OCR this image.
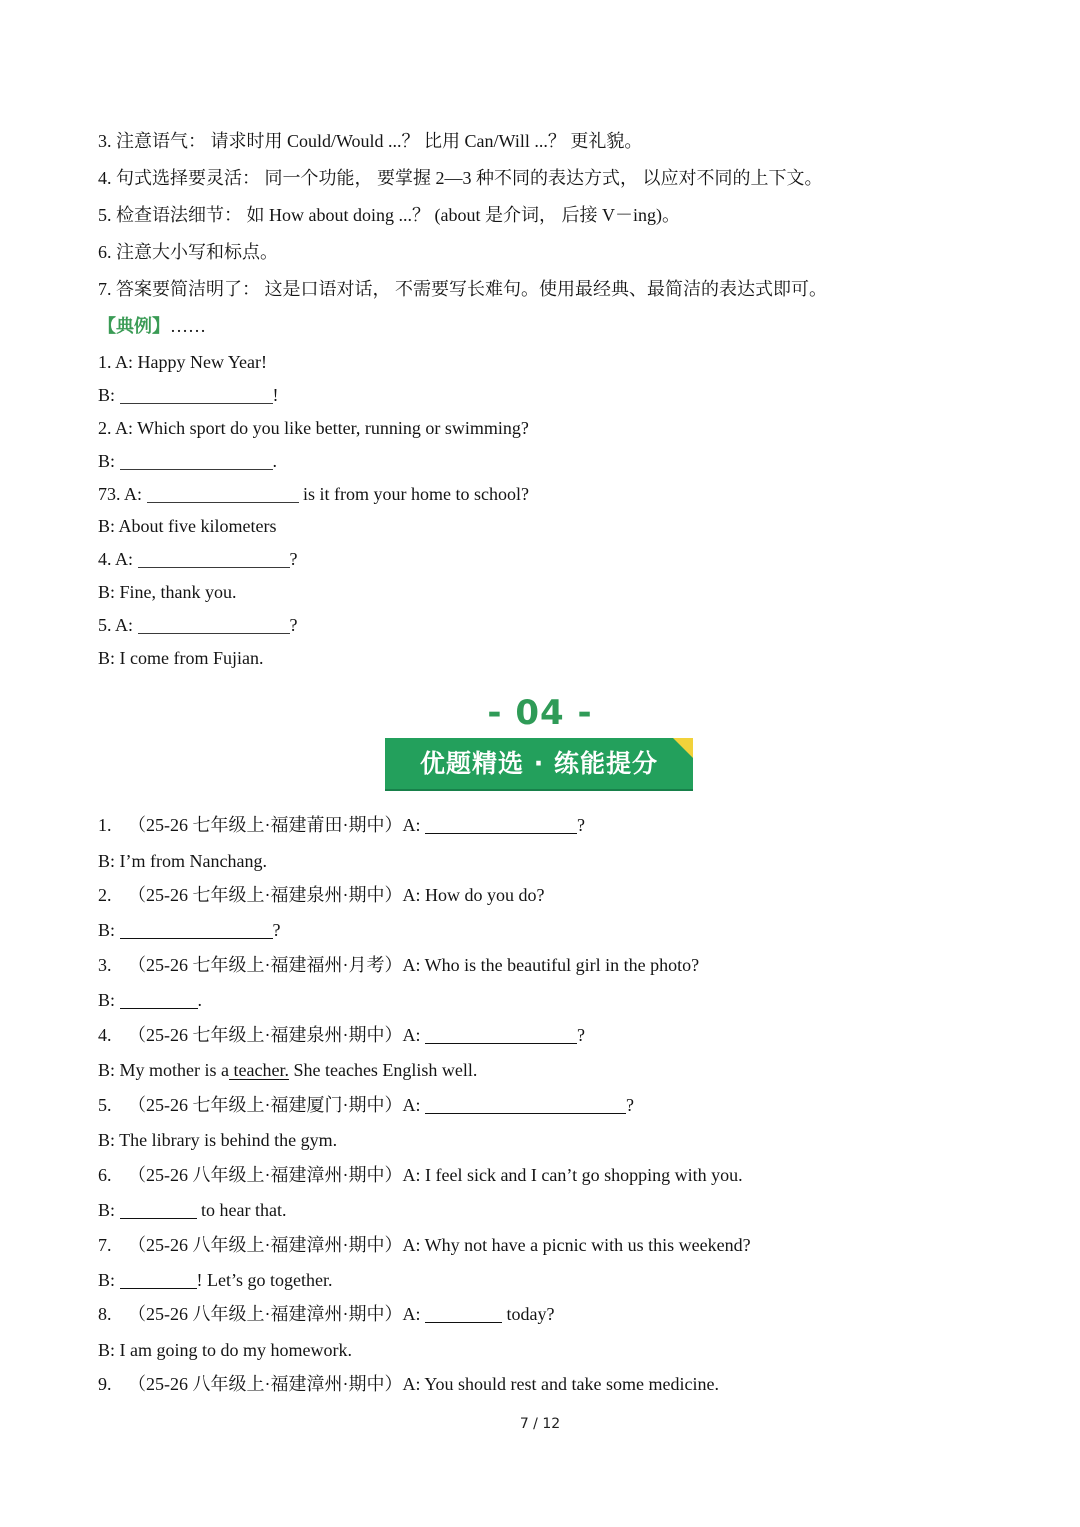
3. 注意语气： 请求时用 Could/Would ...？ 比用 Can/Will ...？ 更礼貌。
4. 句式选择要灵活： 同一个功能， 要掌握 2—3 种不同的表达方式， 以应对不同的上下文。
5. 检查语法细节： 如 How about doing ...？ (about 是介词， 后接 V－ing)。
6. 注意大小写和标点。
7. 答案要简洁明了： 这是口语对话， 不需要写长难句。使用最经典、最简洁的表达式即可。
【典例】 ……
1. A: Happy New Year!
B:	!
2. A: Which sport do you like better, running or swimming?
B:	.
73. A:	is it from your home to school?
B: About five kilometers
4. A:	?
B: Fine, thank you.
5. A:	?
B: I come from Fujian.
- 04 -
优题精选 · 练能提分
1. （25-26 七年级上·福建莆田·期中） A:	?
B: I’m from Nanchang.
2. （25-26 七年级上·福建泉州·期中） A: How do you do?
B:	?
3. （25-26 七年级上·福建福州·月考） A: Who is the beautiful girl in the photo?
B:	.
4. （25-26 七年级上·福建泉州·期中） A:	?
B: My mother is a teacher. She teaches English well.
5. （25-26 七年级上·福建厦门·期中） A:	?
B: The library is behind the gym.
6. （25-26 八年级上·福建漳州·期中） A: I feel sick and I can’t go shopping with you.
B:	to hear that.
7. （25-26 八年级上·福建漳州·期中） A: Why not have a picnic with us this weekend?
B:	! Let’s go together.
8. （25-26 八年级上·福建漳州·期中） A:	today?
B: I am going to do my homework.
9. （25-26 八年级上·福建漳州·期中） A: You should rest and take some medicine.
7 / 12
